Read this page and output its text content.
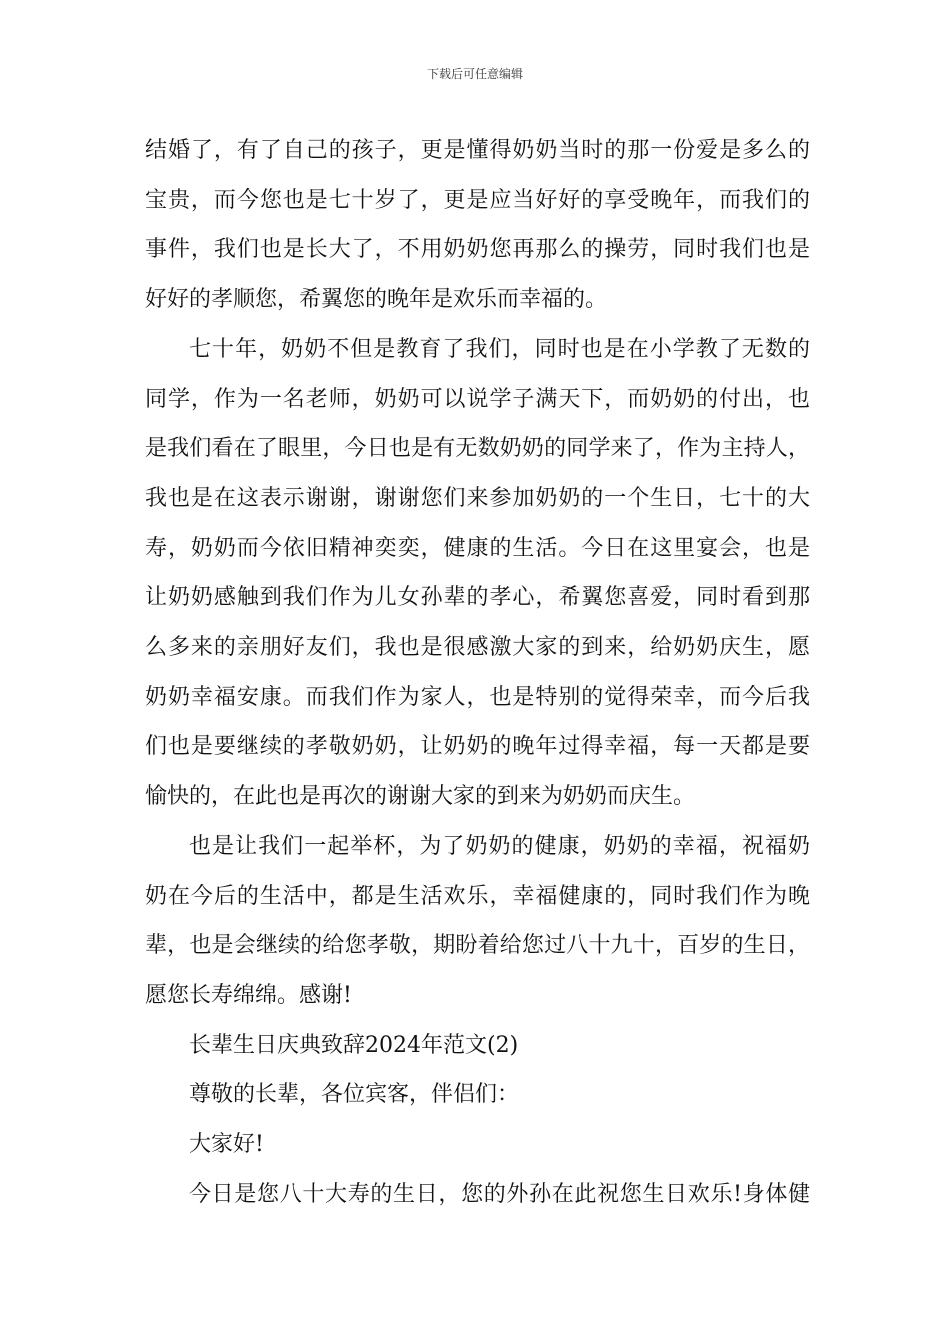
下载后可任意编辑
结婚了，有了自己的孩子，更是懂得奶奶当时的那一份爱是多么的
宝贵，而今您也是七十岁了，更是应当好好的享受晚年，而我们的
事件，我们也是长大了，不用奶奶您再那么的操劳，同时我们也是
好好的孝顺您，希翼您的晚年是欢乐而幸福的。
七十年，奶奶不但是教育了我们，同时也是在小学教了无数的
同学，作为一名老师，奶奶可以说学子满天下，而奶奶的付出，也
是我们看在了眼里，今日也是有无数奶奶的同学来了，作为主持人，
我也是在这表示谢谢，谢谢您们来参加奶奶的一个生日，七十的大
寿，奶奶而今依旧精神奕奕，健康的生活。今日在这里宴会，也是
让奶奶感触到我们作为儿女孙辈的孝心，希翼您喜爱，同时看到那
么多来的亲朋好友们，我也是很感激大家的到来，给奶奶庆生，愿
奶奶幸福安康。而我们作为家人，也是特别的觉得荣幸，而今后我
们也是要继续的孝敬奶奶，让奶奶的晚年过得幸福，每一天都是要
愉快的，在此也是再次的谢谢大家的到来为奶奶而庆生。
也是让我们一起举杯，为了奶奶的健康，奶奶的幸福，祝福奶
奶在今后的生活中，都是生活欢乐，幸福健康的，同时我们作为晚
辈，也是会继续的给您孝敬，期盼着给您过八十九十，百岁的生日，
愿您长寿绵绵。感谢!
长辈生日庆典致辞2024年范文(2)
尊敬的长辈，各位宾客，伴侣们：
大家好!
今日是您八十大寿的生日，您的外孙在此祝您生日欢乐!身体健
